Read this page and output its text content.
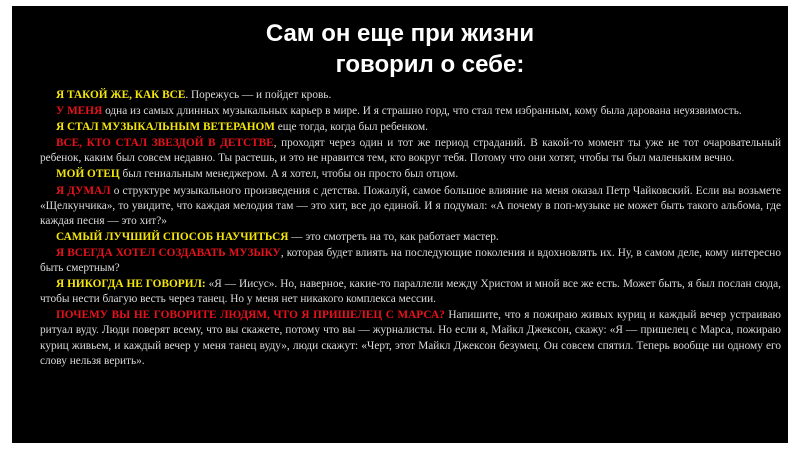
Сам он еще при жизни

говорил о себе:

Я ТАКОЙ ЖЕ, КАК ВСЕ. Порежусь — и пойдет кровь.

У МЕНЯ одна из самых длинных музыкальных карьер в мире. И я страшно горд, что стал тем избранным, кому была дарована неуязвимость.

Я СТАЛ МУЗЫКАЛЬНЫМ ВЕТЕРАНОМ еще тогда, когда был ребенком.

ВСЕ, КТО СТАЛ ЗВЕЗДОЙ В ДЕТСТВЕ, проходят через один и тот же период страданий. В какой-то момент ты уже не тот очаровательный ребенок, каким был совсем недавно. Ты растешь, и это не нравится тем, кто вокруг тебя. Потому что они хотят, чтобы ты был маленьким вечно.

МОЙ ОТЕЦ был гениальным менеджером. А я хотел, чтобы он просто был отцом.

Я ДУМАЛ о структуре музыкального произведения с детства. Пожалуй, самое большое влияние на меня оказал Петр Чайковский. Если вы возьмете «Щелкунчика», то увидите, что каждая мелодия там — это хит, все до единой. И я подумал: «А почему в поп-музыке не может быть такого альбома, где каждая песня — это хит?»

САМЫЙ ЛУЧШИЙ СПОСОБ НАУЧИТЬСЯ — это смотреть на то, как работает мастер.

Я ВСЕГДА ХОТЕЛ СОЗДАВАТЬ МУЗЫКУ, которая будет влиять на последующие поколения и вдохновлять их. Ну, в самом деле, кому интересно быть смертным?

Я НИКОГДА НЕ ГОВОРИЛ: «Я — Иисус». Но, наверное, какие-то параллели между Христом и мной все же есть. Может быть, я был послан сюда, чтобы нести благую весть через танец. Но у меня нет никакого комплекса мессии.

ПОЧЕМУ ВЫ НЕ ГОВОРИТЕ ЛЮДЯМ, ЧТО Я ПРИШЕЛЕЦ С МАРСА? Напишите, что я пожираю живых куриц и каждый вечер устраиваю ритуал вуду. Люди поверят всему, что вы скажете, потому что вы — журналисты. Но если я, Майкл Джексон, скажу: «Я — пришелец с Марса, пожираю куриц живьем, и каждый вечер у меня танец вуду», люди скажут: «Черт, этот Майкл Джексон безумец. Он совсем спятил. Теперь вообще ни одному его слову нельзя верить».
